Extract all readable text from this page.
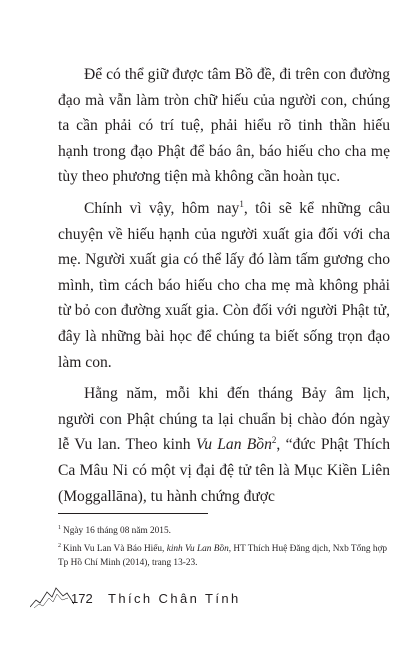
Để có thể giữ được tâm Bồ đề, đi trên con đường đạo mà vẫn làm tròn chữ hiếu của người con, chúng ta cần phải có trí tuệ, phải hiểu rõ tinh thần hiếu hạnh trong đạo Phật để báo ân, báo hiếu cho cha mẹ tùy theo phương tiện mà không cần hoàn tục.

Chính vì vậy, hôm nay$^1$, tôi sẽ kể những câu chuyện về hiếu hạnh của người xuất gia đối với cha mẹ. Người xuất gia có thể lấy đó làm tấm gương cho mình, tìm cách báo hiếu cho cha mẹ mà không phải từ bỏ con đường xuất gia. Còn đối với người Phật tử, đây là những bài học để chúng ta biết sống trọn đạo làm con.

Hằng năm, mỗi khi đến tháng Bảy âm lịch, người con Phật chúng ta lại chuẩn bị chào đón ngày lễ Vu lan. Theo kinh Vu Lan Bồn$^2$, “đức Phật Thích Ca Mâu Ni có một vị đại đệ tử tên là Mục Kiền Liên (Moggallāna), tu hành chứng được

$^1$ Ngày 16 tháng 08 năm 2015.

$^2$ Kinh Vu Lan Và Báo Hiếu, kinh Vu Lan Bồn, HT Thích Huệ Đăng dịch, Nxb Tổng hợp Tp Hồ Chí Minh (2014), trang 13-23.

172 Thích Chân Tính
